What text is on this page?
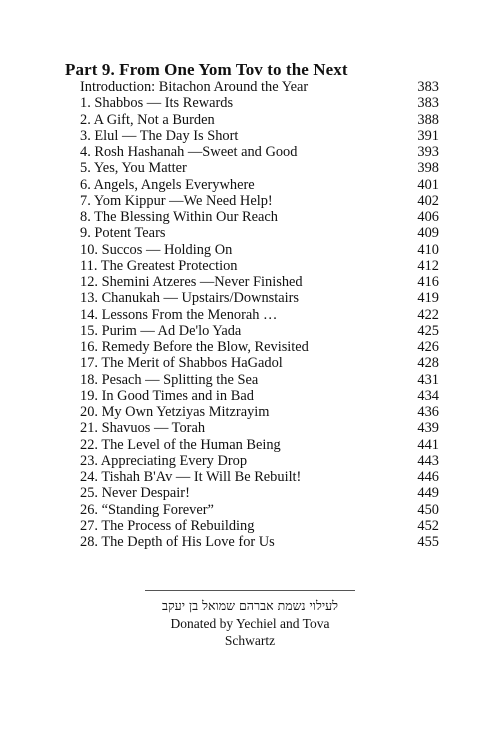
Part 9. From One Yom Tov to the Next
Introduction: Bitachon Around the Year	383
1. Shabbos — Its Rewards	383
2. A Gift, Not a Burden	388
3. Elul — The Day Is Short	391
4. Rosh Hashanah —Sweet and Good	393
5. Yes, You Matter	398
6. Angels, Angels Everywhere	401
7. Yom Kippur —We Need Help!	402
8. The Blessing Within Our Reach	406
9. Potent Tears	409
10. Succos — Holding On	410
11. The Greatest Protection	412
12. Shemini Atzeres —Never Finished	416
13. Chanukah — Upstairs/Downstairs	419
14. Lessons From the Menorah …	422
15. Purim — Ad De'lo Yada	425
16. Remedy Before the Blow, Revisited	426
17. The Merit of Shabbos HaGadol	428
18. Pesach — Splitting the Sea	431
19. In Good Times and in Bad	434
20. My Own Yetziyas Mitzrayim	436
21. Shavuos — Torah	439
22. The Level of the Human Being	441
23. Appreciating Every Drop	443
24. Tishah B'Av — It Will Be Rebuilt!	446
25. Never Despair!	449
26. “Standing Forever”	450
27. The Process of Rebuilding	452
28. The Depth of His Love for Us	455
לעילוי נשמת אברהם שמואל בן יעקב
Donated by Yechiel and Tova Schwartz
